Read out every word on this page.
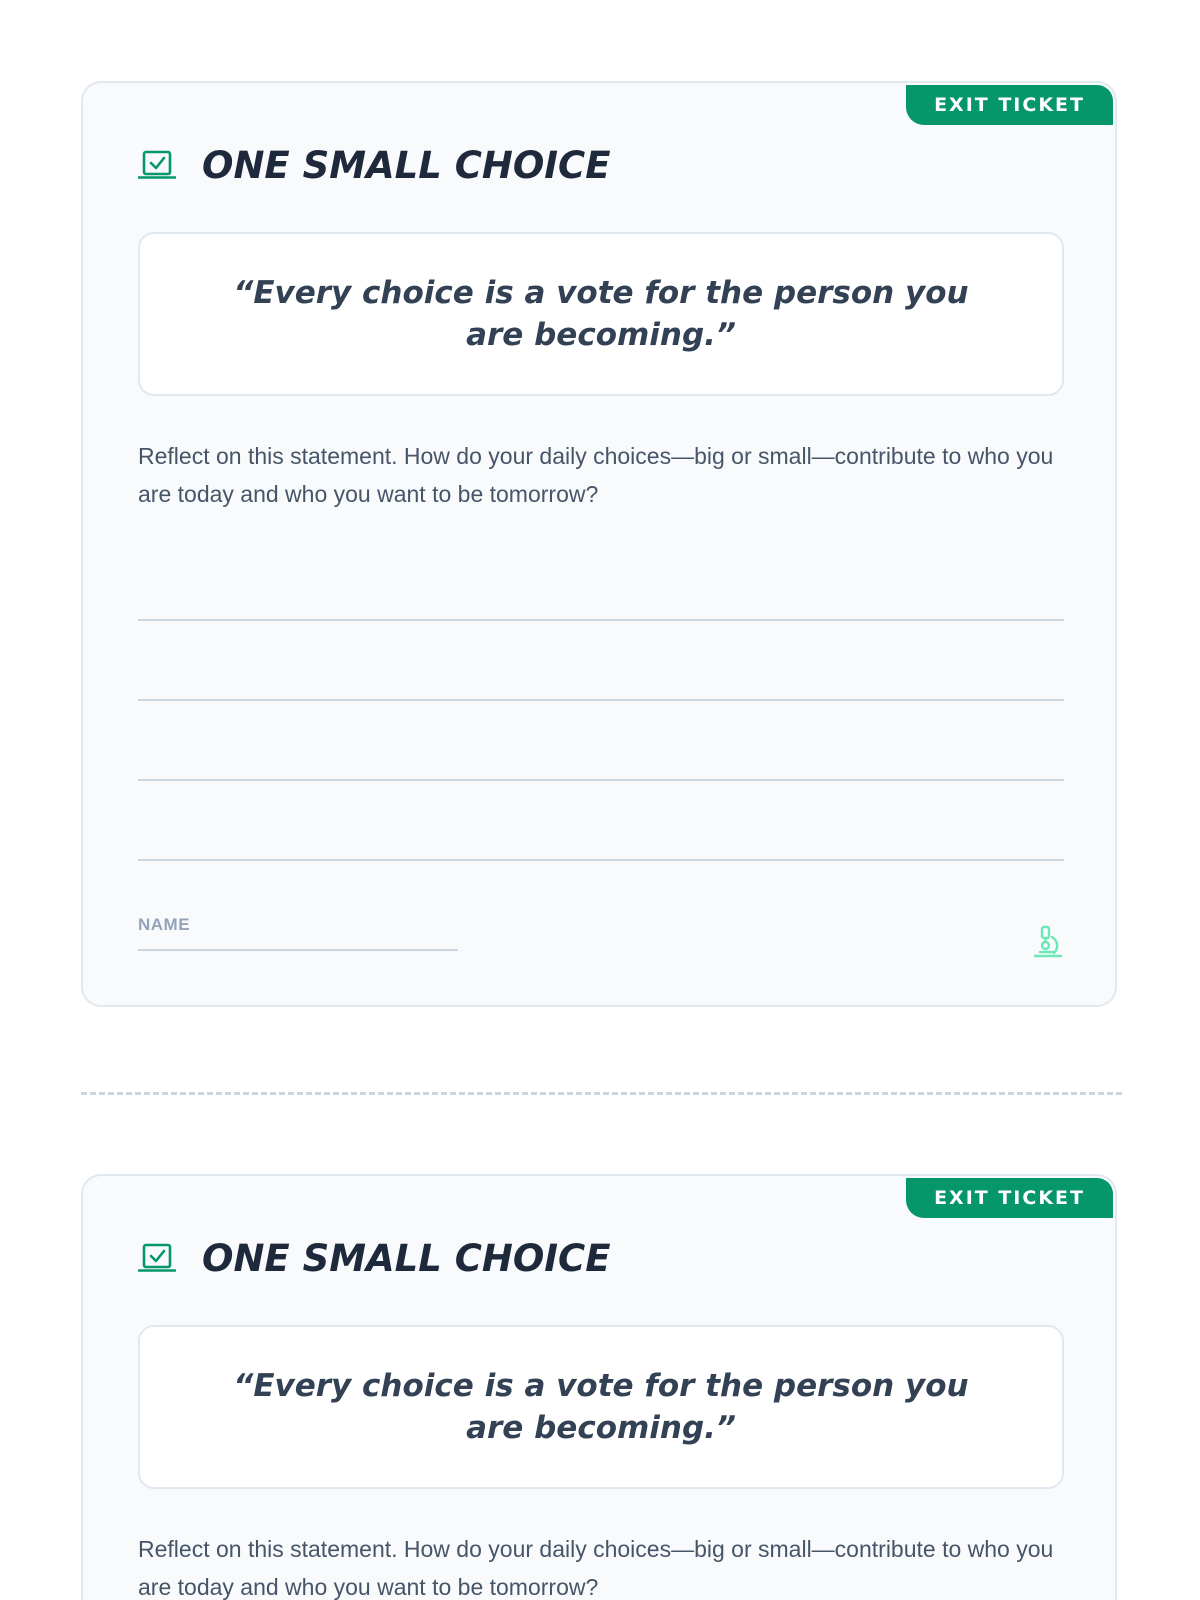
EXIT TICKET
ONE SMALL CHOICE
“Every choice is a vote for the person you are becoming.”
Reflect on this statement. How do your daily choices—big or small—contribute to who you are today and who you want to be tomorrow?
NAME
EXIT TICKET
ONE SMALL CHOICE
“Every choice is a vote for the person you are becoming.”
Reflect on this statement. How do your daily choices—big or small—contribute to who you are today and who you want to be tomorrow?
